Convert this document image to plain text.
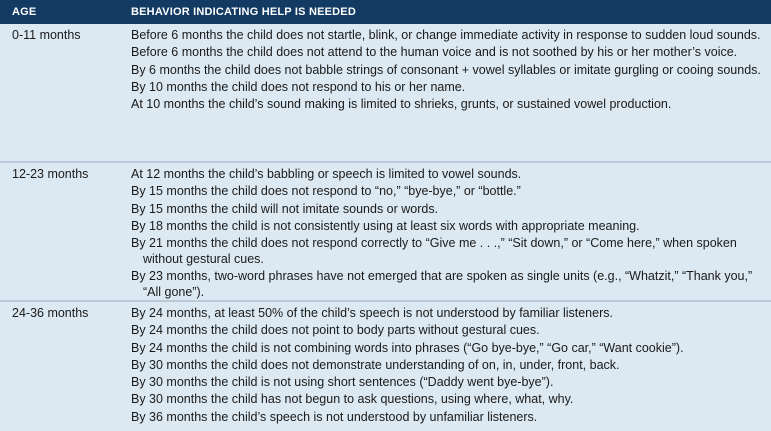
AGE	BEHAVIOR INDICATING HELP IS NEEDED
0-11 months	Before 6 months the child does not startle, blink, or change immediate activity in response to sudden loud sounds.
Before 6 months the child does not attend to the human voice and is not soothed by his or her mother’s voice.
By 6 months the child does not babble strings of consonant + vowel syllables or imitate gurgling or cooing sounds.
By 10 months the child does not respond to his or her name.
At 10 months the child’s sound making is limited to shrieks, grunts, or sustained vowel production.
12-23 months	At 12 months the child’s babbling or speech is limited to vowel sounds.
By 15 months the child does not respond to “no,” “bye-bye,” or “bottle.”
By 15 months the child will not imitate sounds or words.
By 18 months the child is not consistently using at least six words with appropriate meaning.
By 21 months the child does not respond correctly to “Give me . . .,” “Sit down,” or “Come here,” when spoken without gestural cues.
By 23 months, two-word phrases have not emerged that are spoken as single units (e.g., “Whatzit,” “Thank you,” “All gone”).
24-36 months	By 24 months, at least 50% of the child’s speech is not understood by familiar listeners.
By 24 months the child does not point to body parts without gestural cues.
By 24 months the child is not combining words into phrases (“Go bye-bye,” “Go car,” “Want cookie”).
By 30 months the child does not demonstrate understanding of on, in, under, front, back.
By 30 months the child is not using short sentences (“Daddy went bye-bye”).
By 30 months the child has not begun to ask questions, using where, what, why.
By 36 months the child’s speech is not understood by unfamiliar listeners.
